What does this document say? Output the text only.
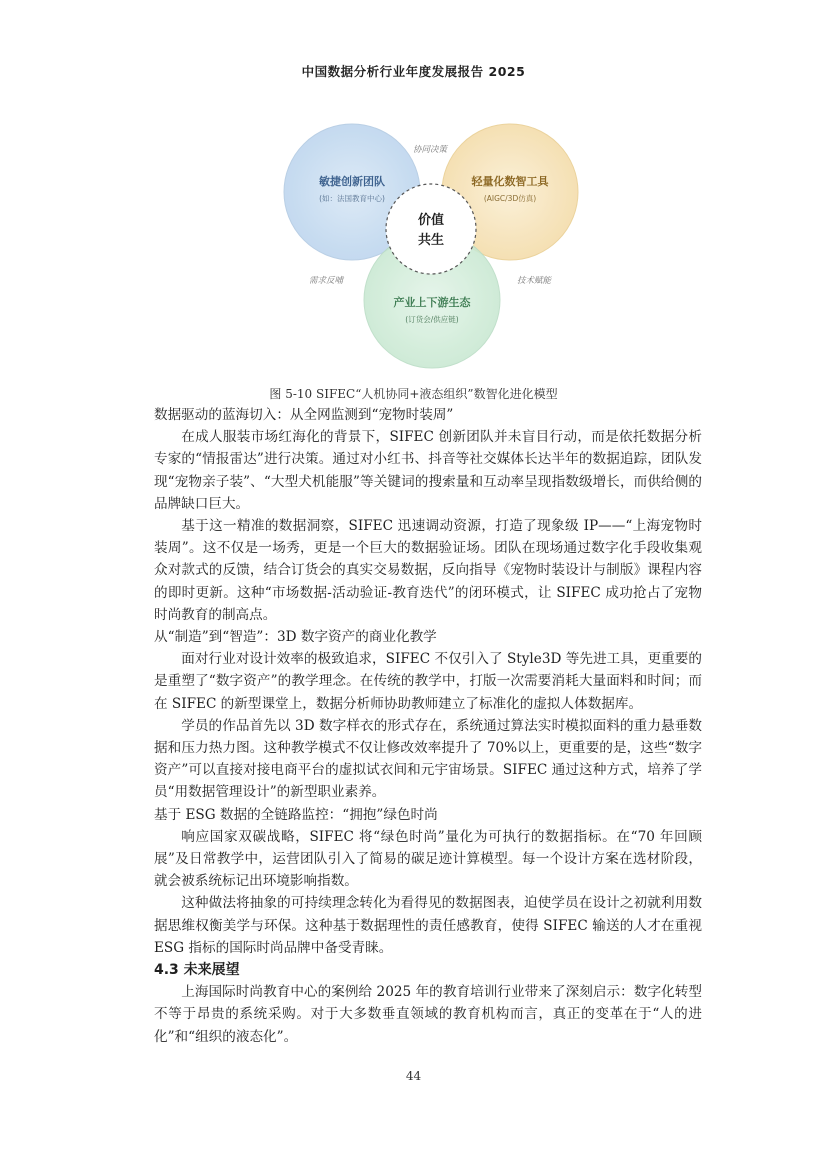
中国数据分析行业年度发展报告 2025
价值
共生
敏捷创新团队
(如：法国教育中心)
轻量化数智工具
(AIGC/3D仿真)
产业上下游生态
(订货会/供应链)
协同决策
需求反哺	技术赋能
图 5-10 SIFEC“人机协同+液态组织”数智化进化模型

数据驱动的蓝海切入：从全网监测到“宠物时装周”

在成人服装市场红海化的背景下，SIFEC 创新团队并未盲目行动，而是依托数据分析专家的“情报雷达”进行决策。通过对小红书、抖音等社交媒体长达半年的数据追踪，团队发现“宠物亲子装”、“大型犬机能服”等关键词的搜索量和互动率呈现指数级增长，而供给侧的品牌缺口巨大。

基于这一精准的数据洞察，SIFEC 迅速调动资源，打造了现象级 IP——“上海宠物时装周”。这不仅是一场秀，更是一个巨大的数据验证场。团队在现场通过数字化手段收集观众对款式的反馈，结合订货会的真实交易数据，反向指导《宠物时装设计与制版》课程内容的即时更新。这种“市场数据-活动验证-教育迭代”的闭环模式，让 SIFEC 成功抢占了宠物时尚教育的制高点。

从“制造”到“智造”：3D 数字资产的商业化教学

面对行业对设计效率的极致追求，SIFEC 不仅引入了 Style3D 等先进工具，更重要的是重塑了“数字资产”的教学理念。在传统的教学中，打版一次需要消耗大量面料和时间；而在 SIFEC 的新型课堂上，数据分析师协助教师建立了标准化的虚拟人体数据库。

学员的作品首先以 3D 数字样衣的形式存在，系统通过算法实时模拟面料的重力悬垂数据和压力热力图。这种教学模式不仅让修改效率提升了 70%以上，更重要的是，这些“数字资产”可以直接对接电商平台的虚拟试衣间和元宇宙场景。SIFEC 通过这种方式，培养了学员“用数据管理设计”的新型职业素养。

基于 ESG 数据的全链路监控：“拥抱”绿色时尚

响应国家双碳战略，SIFEC 将“绿色时尚”量化为可执行的数据指标。在“70 年回顾展”及日常教学中，运营团队引入了简易的碳足迹计算模型。每一个设计方案在选材阶段，就会被系统标记出环境影响指数。

这种做法将抽象的可持续理念转化为看得见的数据图表，迫使学员在设计之初就利用数据思维权衡美学与环保。这种基于数据理性的责任感教育，使得 SIFEC 输送的人才在重视 ESG 指标的国际时尚品牌中备受青睐。

4.3 未来展望

上海国际时尚教育中心的案例给 2025 年的教育培训行业带来了深刻启示：数字化转型不等于昂贵的系统采购。对于大多数垂直领域的教育机构而言，真正的变革在于“人的进化”和“组织的液态化”。

44
